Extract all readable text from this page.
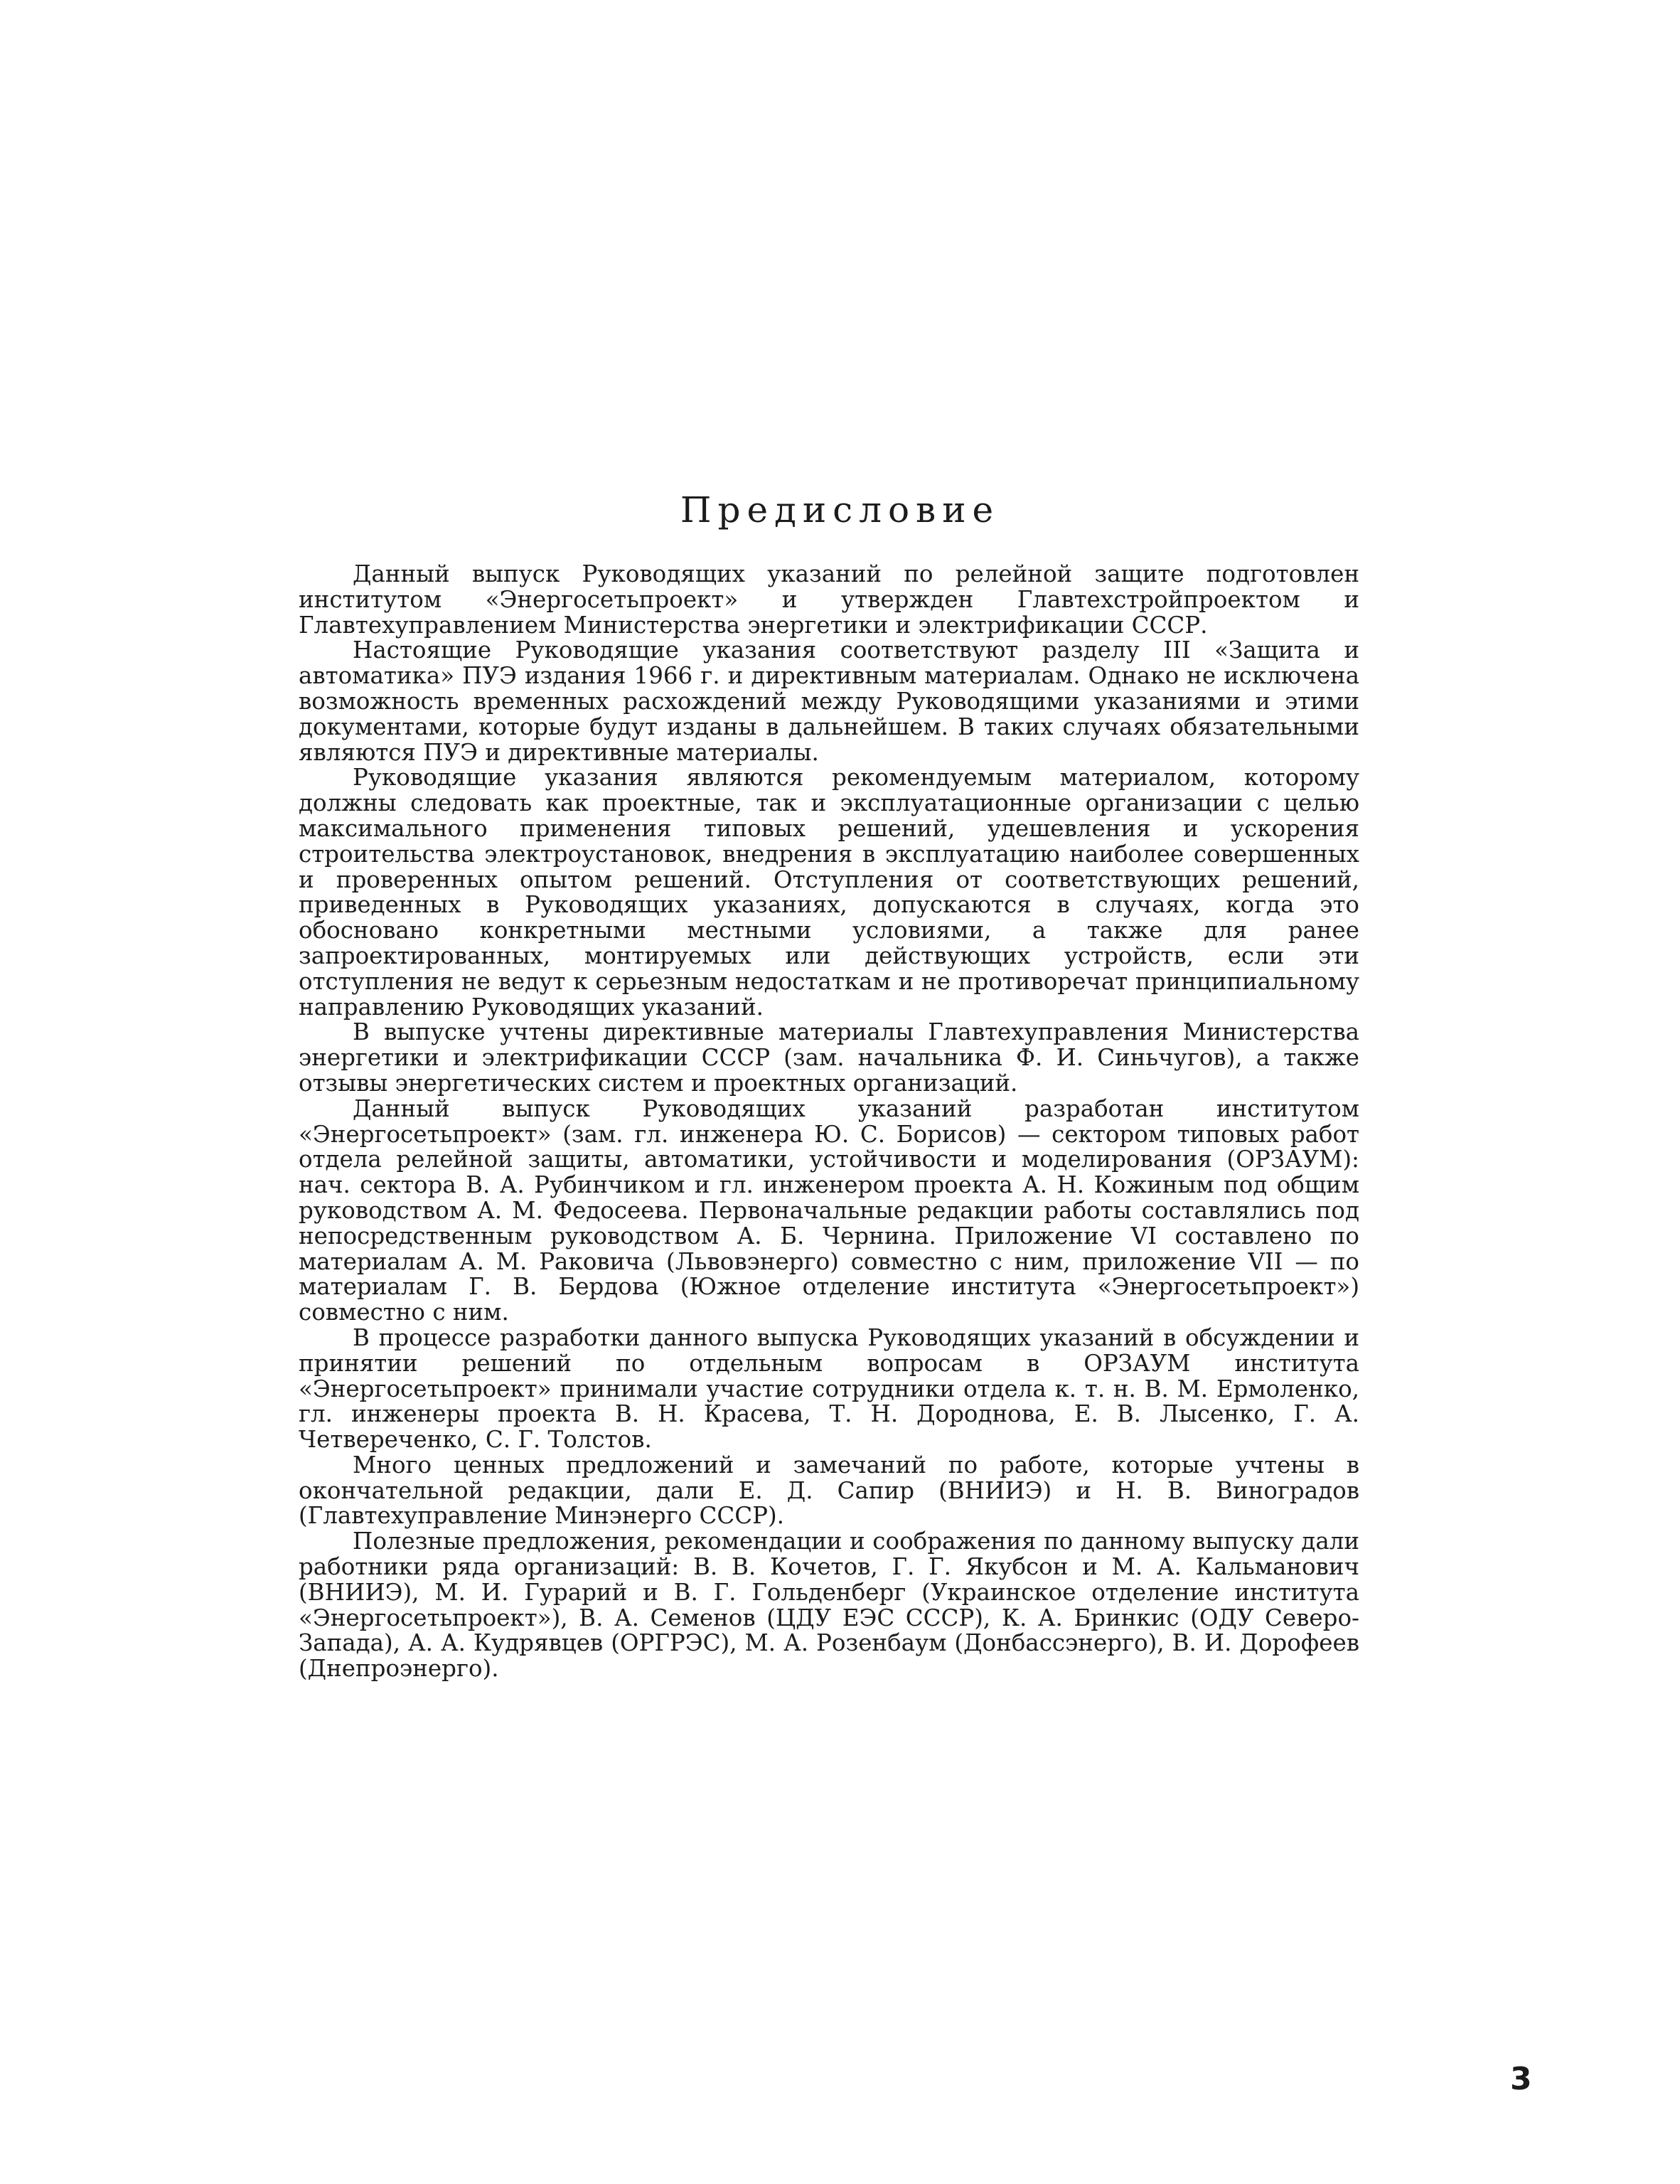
Предисловие

Данный выпуск Руководящих указаний по релейной защите подготовлен институтом «Энергосетьпроект» и утвержден Главтехстройпроектом и Главтехуправлением Министерства энергетики и электрификации СССР.

Настоящие Руководящие указания соответствуют разделу III «Защита и автоматика» ПУЭ издания 1966 г. и директивным материалам. Однако не исключена возможность временных расхождений между Руководящими указаниями и этими документами, которые будут изданы в дальнейшем. В таких случаях обязательными являются ПУЭ и директивные материалы.

Руководящие указания являются рекомендуемым материалом, которому должны следовать как проектные, так и эксплуатационные организации с целью максимального применения типовых решений, удешевления и ускорения строительства электроустановок, внедрения в эксплуатацию наиболее совершенных и проверенных опытом решений. Отступления от соответствующих решений, приведенных в Руководящих указаниях, допускаются в случаях, когда это обосновано конкретными местными условиями, а также для ранее запроектированных, монтируемых или действующих устройств, если эти отступления не ведут к серьезным недостаткам и не противоречат принципиальному направлению Руководящих указаний.

В выпуске учтены директивные материалы Главтехуправления Министерства энергетики и электрификации СССР (зам. начальника Ф. И. Синьчугов), а также отзывы энергетических систем и проектных организаций.

Данный выпуск Руководящих указаний разработан институтом «Энергосетьпроект» (зам. гл. инженера Ю. С. Борисов) — сектором типовых работ отдела релейной защиты, автоматики, устойчивости и моделирования (ОРЗАУМ): нач. сектора В. А. Рубинчиком и гл. инженером проекта А. Н. Кожиным под общим руководством А. М. Федосеева. Первоначальные редакции работы составлялись под непосредственным руководством А. Б. Чернина. Приложение VI составлено по материалам А. М. Раковича (Львовэнерго) совместно с ним, приложение VII — по материалам Г. В. Бердова (Южное отделение института «Энергосетьпроект») совместно с ним.

В процессе разработки данного выпуска Руководящих указаний в обсуждении и принятии решений по отдельным вопросам в ОРЗАУМ института «Энергосетьпроект» принимали участие сотрудники отдела к. т. н. В. М. Ермоленко, гл. инженеры проекта В. Н. Красева, Т. Н. Дороднова, Е. В. Лысенко, Г. А. Четвереченко, С. Г. Толстов.

Много ценных предложений и замечаний по работе, которые учтены в окончательной редакции, дали Е. Д. Сапир (ВНИИЭ) и Н. В. Виноградов (Главтехуправление Минэнерго СССР).

Полезные предложения, рекомендации и соображения по данному выпуску дали работники ряда организаций: В. В. Кочетов, Г. Г. Якубсон и М. А. Кальманович (ВНИИЭ), М. И. Гурарий и В. Г. Гольденберг (Украинское отделение института «Энергосетьпроект»), В. А. Семенов (ЦДУ ЕЭС СССР), К. А. Бринкис (ОДУ Северо-Запада), А. А. Кудрявцев (ОРГРЭС), М. А. Розенбаум (Донбассэнерго), В. И. Дорофеев (Днепроэнерго).

3
